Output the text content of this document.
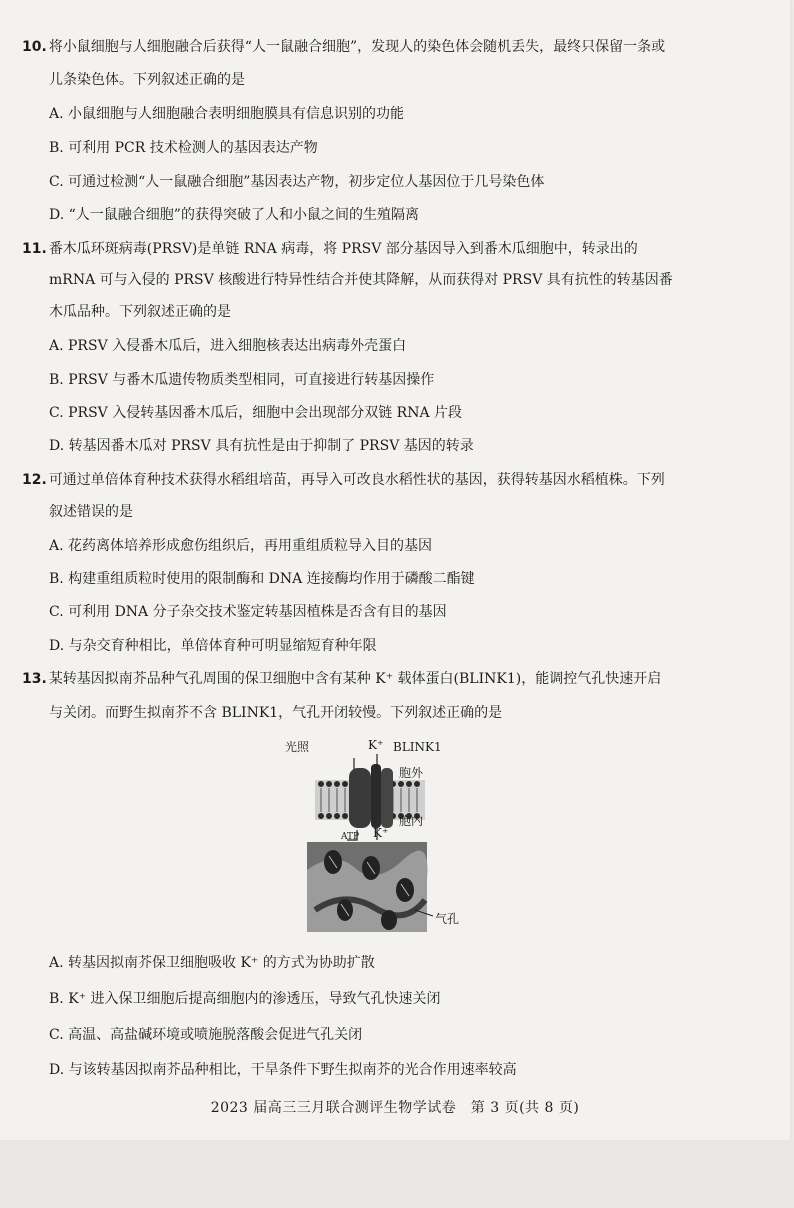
10. 将小鼠细胞与人细胞融合后获得“人一鼠融合细胞”，发现人的染色体会随机丢失，最终只保留一条或
儿条染色体。下列叙述正确的是
A. 小鼠细胞与人细胞融合表明细胞膜具有信息识别的功能
B. 可利用 PCR 技术检测人的基因表达产物
C. 可通过检测“人一鼠融合细胞”基因表达产物，初步定位人基因位于几号染色体
D. “人一鼠融合细胞”的获得突破了人和小鼠之间的生殖隔离
11. 番木瓜环斑病毒(PRSV)是单链 RNA 病毒，将 PRSV 部分基因导入到番木瓜细胞中，转录出的
mRNA 可与入侵的 PRSV 核酸进行特异性结合并使其降解，从而获得对 PRSV 具有抗性的转基因番
木瓜品种。下列叙述正确的是
A. PRSV 入侵番木瓜后，进入细胞核表达出病毒外壳蛋白
B. PRSV 与番木瓜遗传物质类型相同，可直接进行转基因操作
C. PRSV 入侵转基因番木瓜后，细胞中会出现部分双链 RNA 片段
D. 转基因番木瓜对 PRSV 具有抗性是由于抑制了 PRSV 基因的转录
12. 可通过单倍体育种技术获得水稻组培苗，再导入可改良水稻性状的基因，获得转基因水稻植株。下列
叙述错误的是
A. 花药离体培养形成愈伤组织后，再用重组质粒导入目的基因
B. 构建重组质粒时使用的限制酶和 DNA 连接酶均作用于磷酸二酯键
C. 可利用 DNA 分子杂交技术鉴定转基因植株是否含有目的基因
D. 与杂交育种相比，单倍体育种可明显缩短育种年限
13. 某转基因拟南芥品种气孔周围的保卫细胞中含有某种 K⁺ 载体蛋白(BLINK1)，能调控气孔快速开启
与关闭。而野生拟南芥不含 BLINK1，气孔开闭较慢。下列叙述正确的是
光照	K⁺ BLINK1
胞外
胞内
ATP K⁺
气孔
A. 转基因拟南芥保卫细胞吸收 K⁺ 的方式为协助扩散
B. K⁺ 进入保卫细胞后提高细胞内的渗透压，导致气孔快速关闭
C. 高温、高盐碱环境或喷施脱落酸会促进气孔关闭
D. 与该转基因拟南芥品种相比，干旱条件下野生拟南芥的光合作用速率较高
2023 届高三三月联合测评生物学试卷　第 3 页(共 8 页)
